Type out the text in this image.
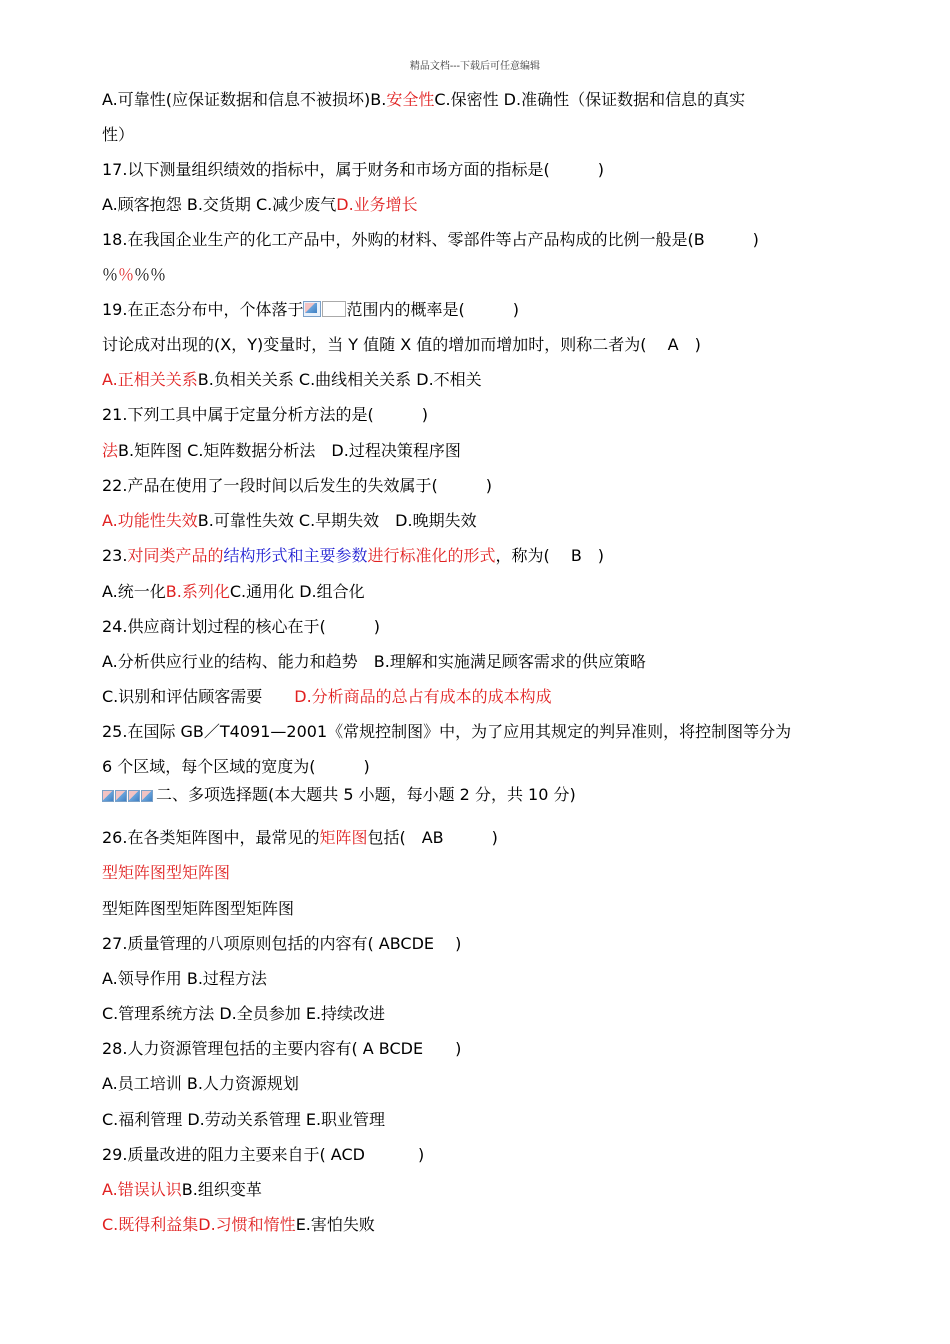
精品文档---下载后可任意编辑
A.可靠性(应保证数据和信息不被损坏)B.安全性C.保密性 D.准确性（保证数据和信息的真实
性）
17.以下测量组织绩效的指标中，属于财务和市场方面的指标是(　　　)
A.顾客抱怨 B.交货期 C.减少废气D.业务增长
18.在我国企业生产的化工产品中，外购的材料、零部件等占产品构成的比例一般是(B　　　)
％％％％
19.在正态分布中，个体落于	范围内的概率是(　　　)
讨论成对出现的(X，Y)变量时，当 Y 值随 X 值的增加而增加时，则称二者为(　 A　)
A.正相关关系B.负相关关系 C.曲线相关关系 D.不相关
21.下列工具中属于定量分析方法的是(　　　)
法B.矩阵图 C.矩阵数据分析法　D.过程决策程序图
22.产品在使用了一段时间以后发生的失效属于(　　　)
A.功能性失效B.可靠性失效 C.早期失效　D.晚期失效
23.对同类产品的结构形式和主要参数进行标准化的形式，称为(　 B　)
A.统一化B.系列化C.通用化 D.组合化
24.供应商计划过程的核心在于(　　　)
A.分析供应行业的结构、能力和趋势　B.理解和实施满足顾客需求的供应策略
C.识别和评估顾客需要　　D.分析商品的总占有成本的成本构成
25.在国际 GB／T4091—2001《常规控制图》中，为了应用其规定的判异准则，将控制图等分为
6 个区域，每个区域的宽度为(　　　)
二、多项选择题(本大题共 5 小题，每小题 2 分，共 10 分)
26.在各类矩阵图中，最常见的矩阵图包括(　AB　　　)
型矩阵图型矩阵图
型矩阵图型矩阵图型矩阵图
27.质量管理的八项原则包括的内容有( ABCDE　 )
A.领导作用 B.过程方法
C.管理系统方法 D.全员参加 E.持续改进
28.人力资源管理包括的主要内容有( A BCDE　　)
A.员工培训 B.人力资源规划
C.福利管理 D.劳动关系管理 E.职业管理
29.质量改进的阻力主要来自于( ACD　　　 )
A.错误认识B.组织变革
C.既得利益集D.习惯和惰性E.害怕失败
